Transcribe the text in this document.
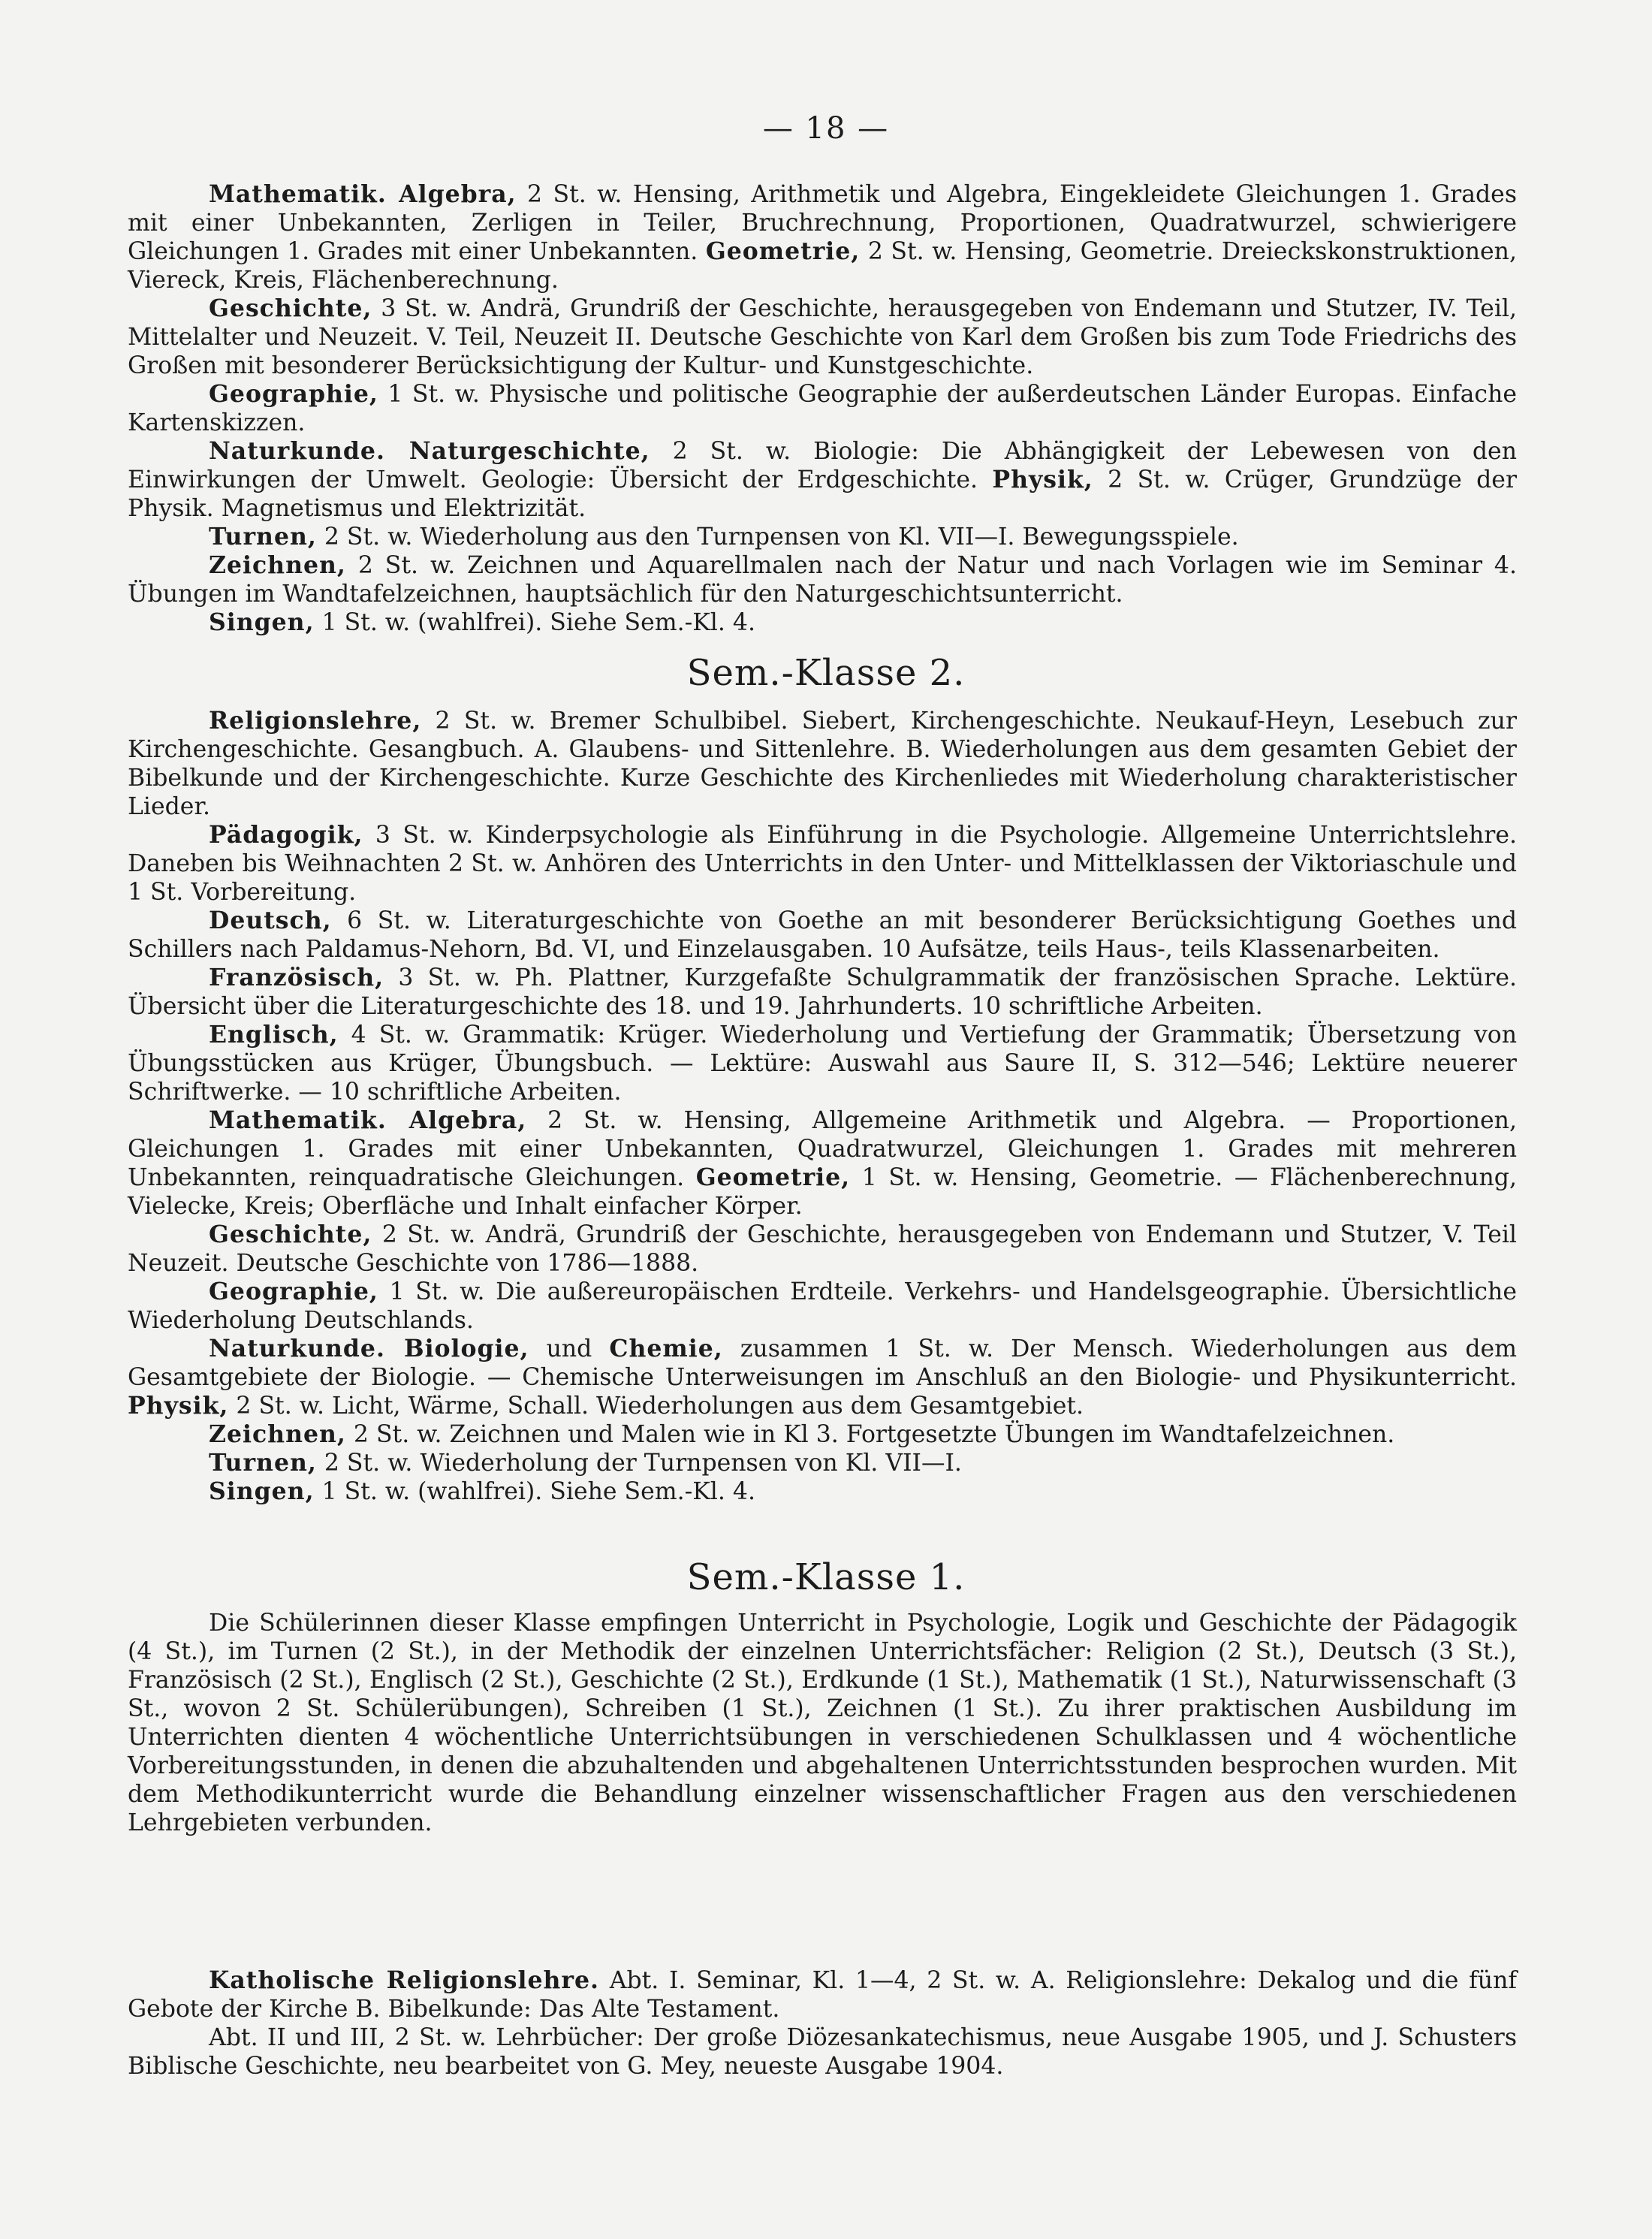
— 18 —

Mathematik. Algebra, 2 St. w. Hensing, Arithmetik und Algebra, Eingekleidete Gleichungen 1. Grades mit einer Unbekannten, Zerligen in Teiler, Bruchrechnung, Proportionen, Quadratwurzel, schwierigere Gleichungen 1. Grades mit einer Unbekannten. Geometrie, 2 St. w. Hensing, Geometrie. Dreieckskonstruktionen, Viereck, Kreis, Flächenberechnung.

Geschichte, 3 St. w. Andrä, Grundriß der Geschichte, herausgegeben von Endemann und Stutzer, IV. Teil, Mittelalter und Neuzeit. V. Teil, Neuzeit II. Deutsche Geschichte von Karl dem Großen bis zum Tode Friedrichs des Großen mit besonderer Berücksichtigung der Kultur- und Kunstgeschichte.

Geographie, 1 St. w. Physische und politische Geographie der außerdeutschen Länder Europas. Einfache Kartenskizzen.

Naturkunde. Naturgeschichte, 2 St. w. Biologie: Die Abhängigkeit der Lebewesen von den Einwirkungen der Umwelt. Geologie: Übersicht der Erdgeschichte. Physik, 2 St. w. Crüger, Grundzüge der Physik. Magnetismus und Elektrizität.

Turnen, 2 St. w. Wiederholung aus den Turnpensen von Kl. VII—I. Bewegungsspiele.

Zeichnen, 2 St. w. Zeichnen und Aquarellmalen nach der Natur und nach Vorlagen wie im Seminar 4. Übungen im Wandtafelzeichnen, hauptsächlich für den Naturgeschichtsunterricht.

Singen, 1 St. w. (wahlfrei). Siehe Sem.-Kl. 4.

Sem.-Klasse 2.

Religionslehre, 2 St. w. Bremer Schulbibel. Siebert, Kirchengeschichte. Neukauf-Heyn, Lesebuch zur Kirchengeschichte. Gesangbuch. A. Glaubens- und Sittenlehre. B. Wiederholungen aus dem gesamten Gebiet der Bibelkunde und der Kirchengeschichte. Kurze Geschichte des Kirchenliedes mit Wiederholung charakteristischer Lieder.

Pädagogik, 3 St. w. Kinderpsychologie als Einführung in die Psychologie. Allgemeine Unterrichtslehre. Daneben bis Weihnachten 2 St. w. Anhören des Unterrichts in den Unter- und Mittelklassen der Viktoriaschule und 1 St. Vorbereitung.

Deutsch, 6 St. w. Literaturgeschichte von Goethe an mit besonderer Berücksichtigung Goethes und Schillers nach Paldamus-Nehorn, Bd. VI, und Einzelausgaben. 10 Aufsätze, teils Haus-, teils Klassenarbeiten.

Französisch, 3 St. w. Ph. Plattner, Kurzgefaßte Schulgrammatik der französischen Sprache. Lektüre. Übersicht über die Literaturgeschichte des 18. und 19. Jahrhunderts. 10 schriftliche Arbeiten.

Englisch, 4 St. w. Grammatik: Krüger. Wiederholung und Vertiefung der Grammatik; Übersetzung von Übungsstücken aus Krüger, Übungsbuch. — Lektüre: Auswahl aus Saure II, S. 312—546; Lektüre neuerer Schriftwerke. — 10 schriftliche Arbeiten.

Mathematik. Algebra, 2 St. w. Hensing, Allgemeine Arithmetik und Algebra. — Proportionen, Gleichungen 1. Grades mit einer Unbekannten, Quadratwurzel, Gleichungen 1. Grades mit mehreren Unbekannten, reinquadratische Gleichungen. Geometrie, 1 St. w. Hensing, Geometrie. — Flächenberechnung, Vielecke, Kreis; Oberfläche und Inhalt einfacher Körper.

Geschichte, 2 St. w. Andrä, Grundriß der Geschichte, herausgegeben von Endemann und Stutzer, V. Teil Neuzeit. Deutsche Geschichte von 1786—1888.

Geographie, 1 St. w. Die außereuropäischen Erdteile. Verkehrs- und Handelsgeographie. Übersichtliche Wiederholung Deutschlands.

Naturkunde. Biologie, und Chemie, zusammen 1 St. w. Der Mensch. Wiederholungen aus dem Gesamtgebiete der Biologie. — Chemische Unterweisungen im Anschluß an den Biologie- und Physikunterricht. Physik, 2 St. w. Licht, Wärme, Schall. Wiederholungen aus dem Gesamtgebiet.

Zeichnen, 2 St. w. Zeichnen und Malen wie in Kl 3. Fortgesetzte Übungen im Wandtafelzeichnen.

Turnen, 2 St. w. Wiederholung der Turnpensen von Kl. VII—I.

Singen, 1 St. w. (wahlfrei). Siehe Sem.-Kl. 4.

Sem.-Klasse 1.

Die Schülerinnen dieser Klasse empfingen Unterricht in Psychologie, Logik und Geschichte der Pädagogik (4 St.), im Turnen (2 St.), in der Methodik der einzelnen Unterrichtsfächer: Religion (2 St.), Deutsch (3 St.), Französisch (2 St.), Englisch (2 St.), Geschichte (2 St.), Erdkunde (1 St.), Mathematik (1 St.), Naturwissenschaft (3 St., wovon 2 St. Schülerübungen), Schreiben (1 St.), Zeichnen (1 St.). Zu ihrer praktischen Ausbildung im Unterrichten dienten 4 wöchentliche Unterrichtsübungen in verschiedenen Schulklassen und 4 wöchentliche Vorbereitungsstunden, in denen die abzuhaltenden und abgehaltenen Unterrichtsstunden besprochen wurden. Mit dem Methodikunterricht wurde die Behandlung einzelner wissenschaftlicher Fragen aus den verschiedenen Lehrgebieten verbunden.

Katholische Religionslehre. Abt. I. Seminar, Kl. 1—4, 2 St. w. A. Religionslehre: Dekalog und die fünf Gebote der Kirche B. Bibelkunde: Das Alte Testament.

Abt. II und III, 2 St. w. Lehrbücher: Der große Diözesankatechismus, neue Ausgabe 1905, und J. Schusters Biblische Geschichte, neu bearbeitet von G. Mey, neueste Ausgabe 1904.
